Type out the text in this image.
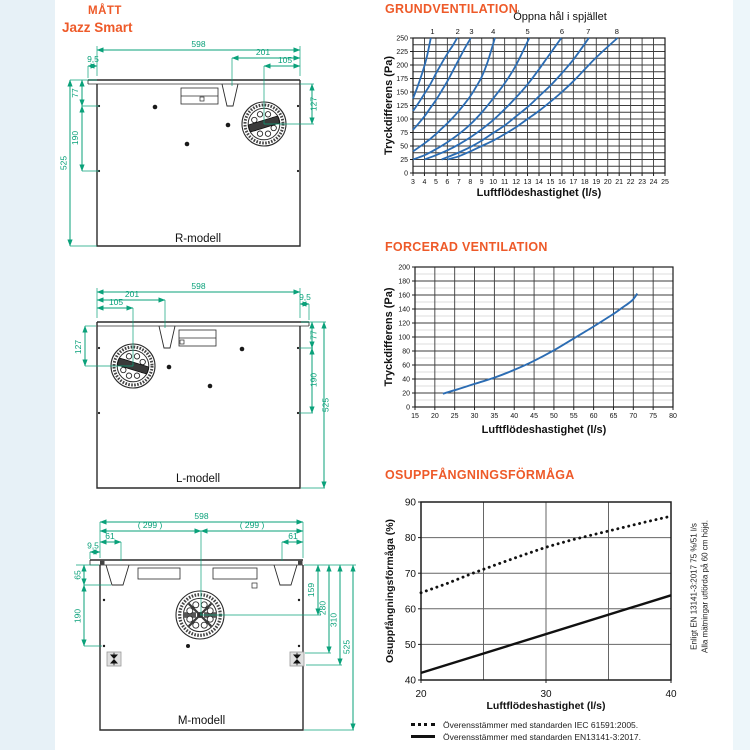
MÅTT
Jazz Smart
598
201
105
9,5
77
190
525
127
R-modell
598
201
105	9,5
127
77
190
525
L-modell
598
( 299 )	( 299 )
61	61
9,5
65
190
159
280
310
525
M-modell
GRUNDVENTILATION
Öppna hål i spjället
3 4 5 6 7 8 9 10 11 12 13 14 15 16 17 18 19 20 21 22 23 24 25
0
25
50
75
100
125
150
175
200
225
250
1	2 3 4	5	6	7	8
Luftflödeshastighet (l/s)
Tryckdifferens (Pa)
FORCERAD VENTILATION
15 20 25 30 35 40 45 50 55 60 65 70 75 80
0
20
40
60
80
100
120
140
160
180
200
Luftflödeshastighet (l/s)
Tryckdifferens (Pa)
OSUPPFÅNGNINGSFÖRMÅGA
20	30	40
40
50
60
70
80
90
Luftflödeshastighet (l/s)
Osuppfångningsförmåga (%)	Enligt EN 13141-3:2017 75 %/51 l/s Alla mätningar utförda på 60 cm höjd.
Överensstämmer med standarden IEC 61591:2005.
Överensstämmer med standarden EN13141-3:2017.
